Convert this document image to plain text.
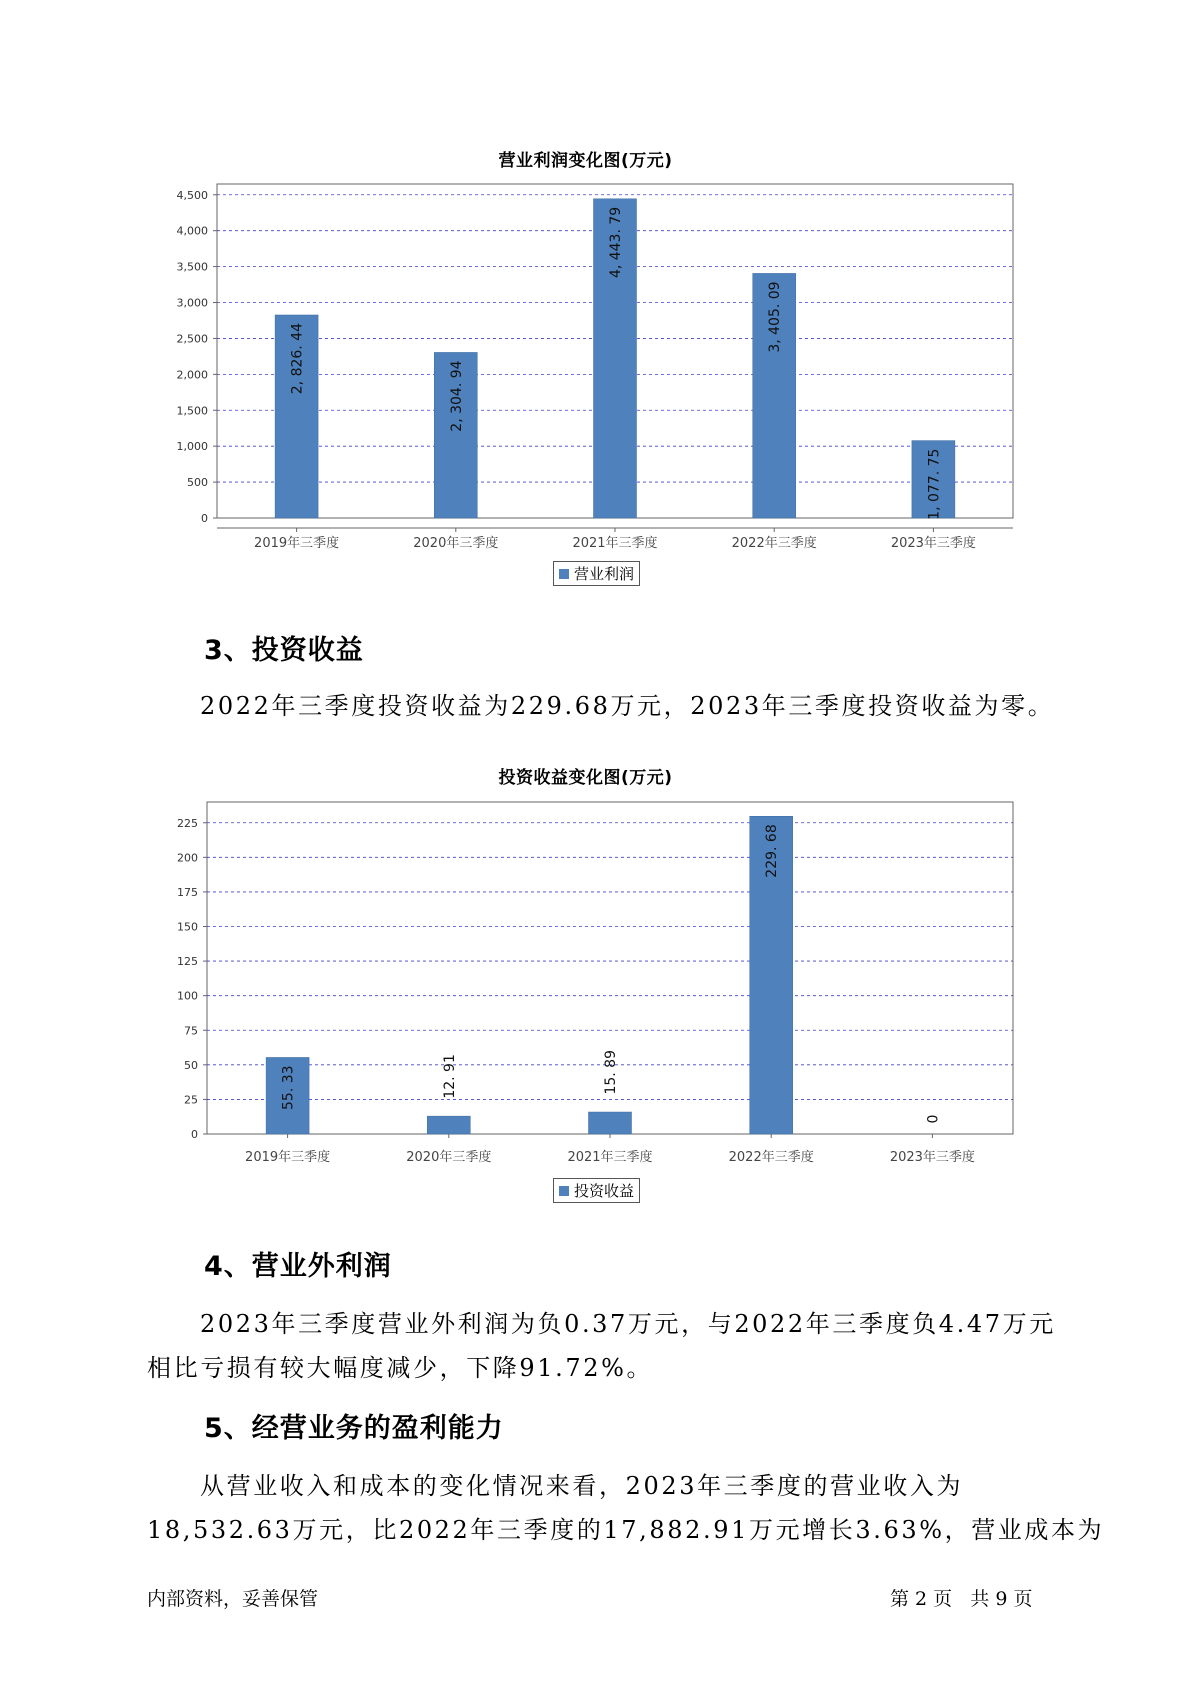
营业利润变化图(万元)
0
500
1,000
1,500
2,000
2,500
3,000
3,500
4,000
4,500
2019年三季度
2, 826. 44
2020年三季度
2, 304. 94
2021年三季度
4, 443. 79
2022年三季度
3, 405. 09
2023年三季度
1, 077. 75
营业利润
3、投资收益
2022年三季度投资收益为229.68万元，2023年三季度投资收益为零。
投资收益变化图(万元)
0
25
50
75
100
125
150
175
200
225
2019年三季度
55. 33
2020年三季度
12. 91
2021年三季度
15. 89
2022年三季度
229. 68
2023年三季度
0
投资收益
4、营业外利润
2023年三季度营业外利润为负0.37万元，与2022年三季度负4.47万元
相比亏损有较大幅度减少，下降91.72%。
5、经营业务的盈利能力
从营业收入和成本的变化情况来看，2023年三季度的营业收入为
18,532.63万元，比2022年三季度的17,882.91万元增长3.63%，营业成本为
内部资料，妥善保管	第 2 页   共 9 页
